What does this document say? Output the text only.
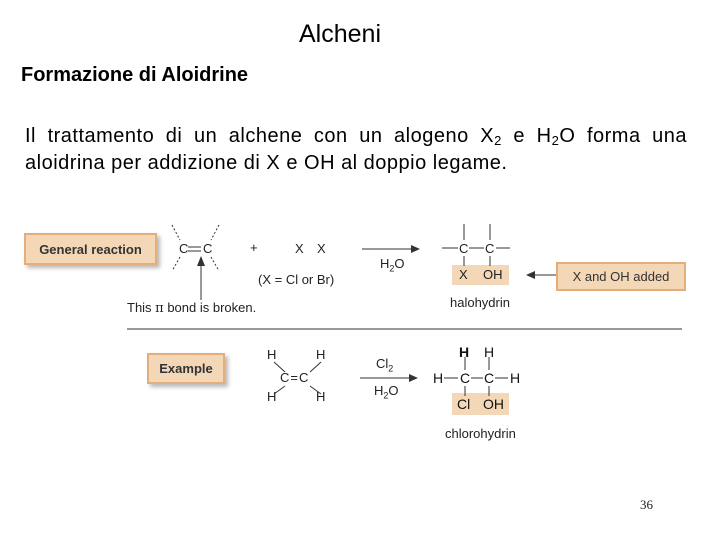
Alcheni
Formazione di Aloidrine
Il trattamento di un alchene con un alogeno $X_2$ e $H_2O$ forma una aloidrina per addizione di X e OH al doppio legame.
General reaction	C C	+	X X
(X = Cl or Br)
$H_2O$
C C
X OH
halohydrin
This π bond is broken.
X and OH added
Example
H	H
C=C
H	H
$Cl_2$
$H_2O$
H H
H C C H
Cl OH
chlorohydrin
36
